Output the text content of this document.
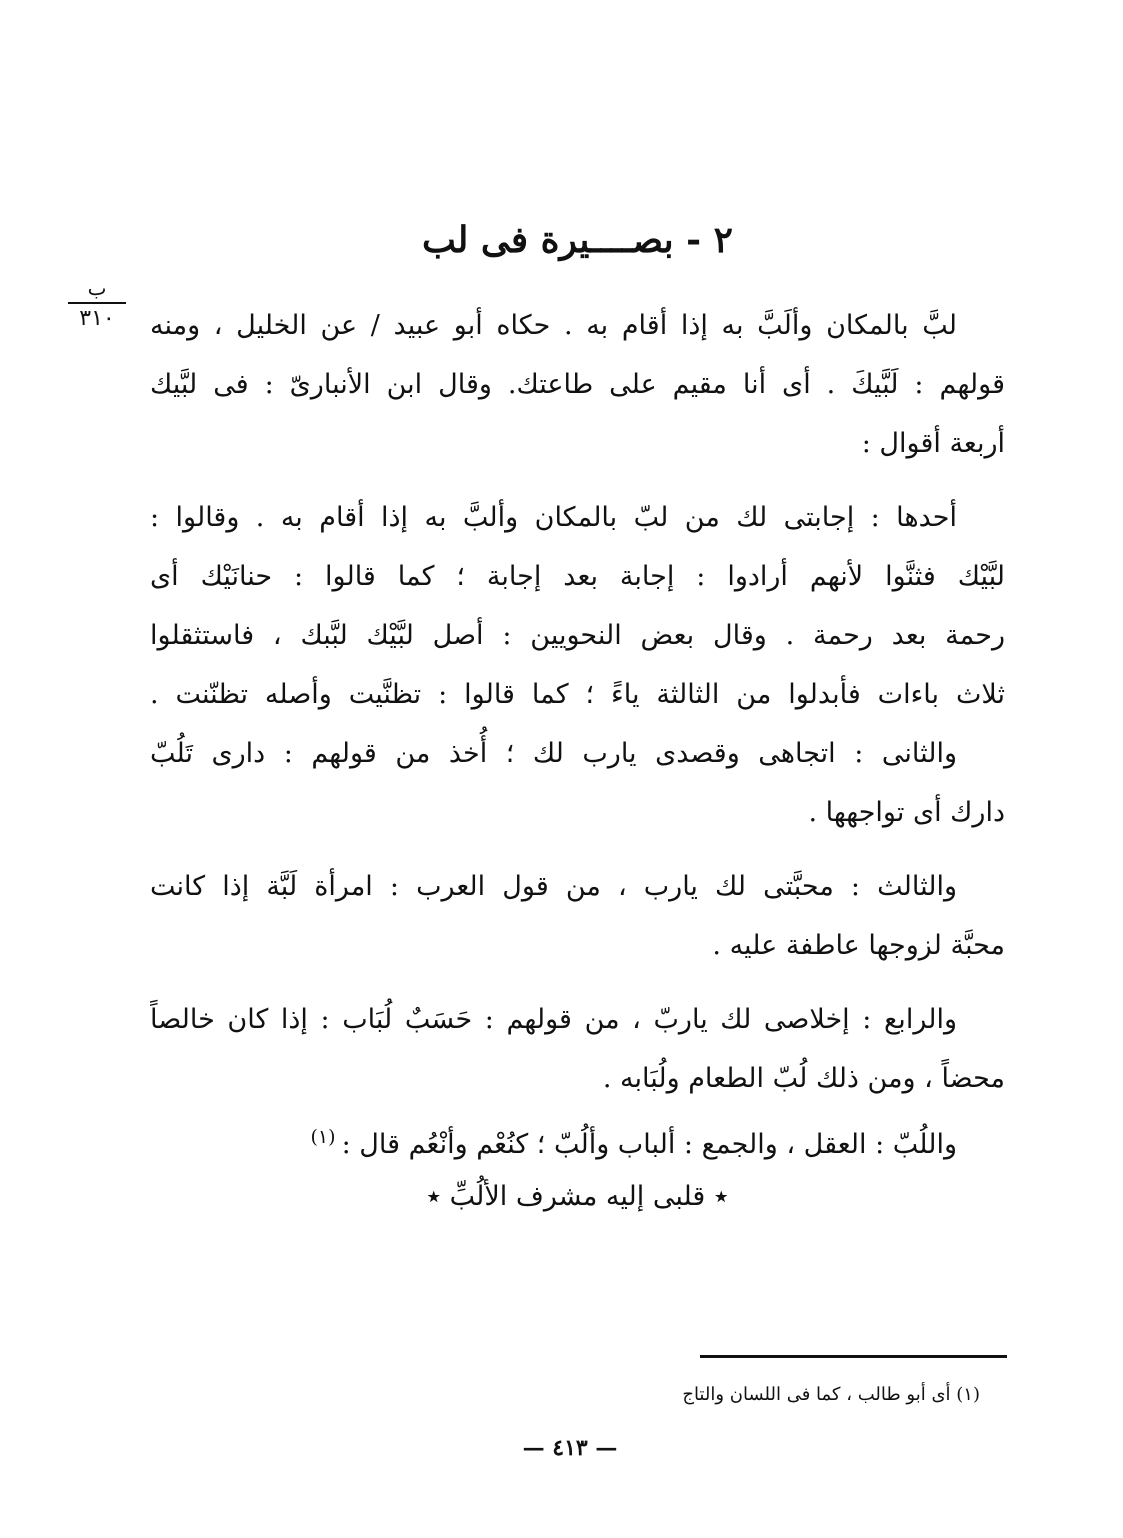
٢ - بصــــيرة فى لب
ب
٣١٠	لبَّ بالمكان وألَبَّ به إذا أقام به . حكاه أبو عبيد / عن الخليل ، ومنه
قولهم : لَبَّيكَ . أى أنا مقيم على طاعتك. وقال ابن الأنبارىّ : فى لبَّيك
أربعة أقوال :
أحدها : إجابتى لك من لبّ بالمكان وألبَّ به إذا أقام به . وقالوا :
لبَّيْك فثنَّوا لأنهم أرادوا : إجابة بعد إجابة ؛ كما قالوا : حنانَيْك أى
رحمة بعد رحمة . وقال بعض النحويين : أصل لبَّيْك لبَّبك ، فاستثقلوا
ثلاث باءات فأبدلوا من الثالثة ياءً ؛ كما قالوا : تظنَّيت وأصله تظنّنت .
والثانى : اتجاهى وقصدى يارب لك ؛ أُخذ من قولهم : دارى تَلُبّ
دارك أى تواجهها .
والثالث : محبَّتى لك يارب ، من قول العرب : امرأة لَبَّة إذا كانت
محبَّة لزوجها عاطفة عليه .
والرابع : إخلاصى لك ياربّ ، من قولهم : حَسَبٌ لُبَاب : إذا كان خالصاً
محضاً ، ومن ذلك لُبّ الطعام ولُبَابه .
واللُبّ : العقل ، والجمع : ألباب وألُبّ ؛ كنُعْم وأنْعُم قال :$^{(١)}$
٭ قلبى إليه مشرف الألُبِّ ٭
(١) أى أبو طالب ، كما فى اللسان والتاج
— ٤١٣ —
